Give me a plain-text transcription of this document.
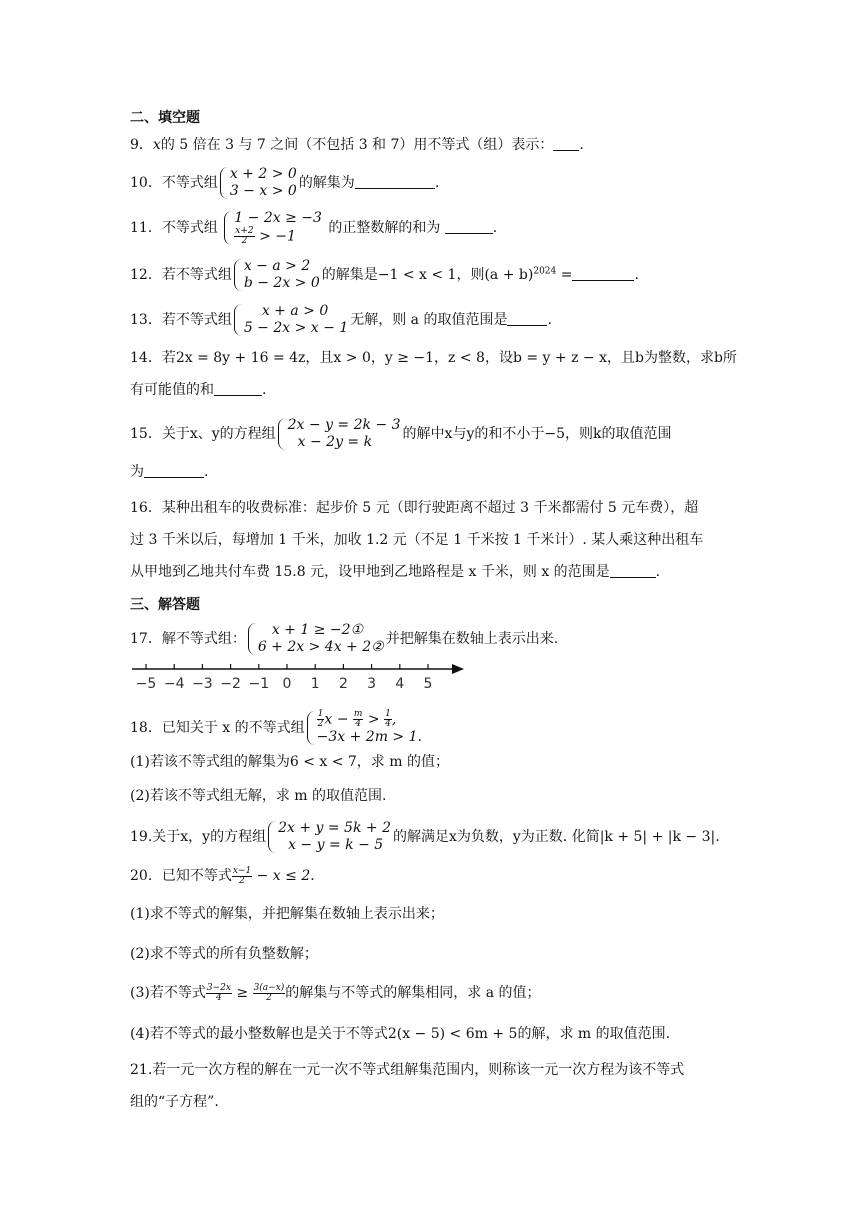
二、填空题
9．x的 5 倍在 3 与 7 之间（不包括 3 和 7）用不等式（组）表示： .
10．不等式组
x + 2 > 0
3 − x > 0 的解集为	.
11．不等式组
1 − 2x ≥ −3
$\frac{x+2}{2} > -1$
的正整数解的和为	.
12．若不等式组
x − a > 2
b − 2x > 0 的解集是−1 < x < 1，则$(a + b)^{2024}$ =	.
13．若不等式组
x + a > 0
5 − 2x > x − 1 无解，则 a 的取值范围是	.
14．若2x = 8y + 16 = 4z，且x > 0，y ≥ −1，z < 8，设b = y + z − x，且b为整数，求b所
有可能值的和	.
15．关于x、y的方程组
2x − y = 2k − 3
x − 2y = k	的解中x与y的和不小于−5，则k的取值范围
为	.
16．某种出租车的收费标准：起步价 5 元（即行驶距离不超过 3 千米都需付 5 元车费），超
过 3 千米以后，每增加 1 千米，加收 1.2 元（不足 1 千米按 1 千米计）. 某人乘这种出租车
从甲地到乙地共付车费 15.8 元，设甲地到乙地路程是 x 千米，则 x 的范围是	.
三、解答题
17．解不等式组：
x + 1 ≥ −2①
6 + 2x > 4x + 2② 并把解集在数轴上表示出来.
−5 −4 −3 −2 −1 0 1 2 3 4 5
18．已知关于 x 的不等式组 $\frac{1}{2}$ $x - \frac{m}{4} > \frac{1}{4}$ ,
−3x + 2m > 1.
(1)若该不等式组的解集为6 < x < 7，求 m 的值；
(2)若该不等式组无解，求 m 的取值范围.
19.关于x，y的方程组
2x + y = 5k + 2
x − y = k − 5 的解满足x为负数，y为正数. 化简|k + 5| + |k − 3|.
20．已知不等式 $\frac{x-1}{2} - x \le 2$.
(1)求不等式的解集，并把解集在数轴上表示出来；
(2)求不等式的所有负整数解；
(3)若不等式 $\frac{3-2x}{4} \ge \frac{3(a-x)}{2}$ 的解集与不等式的解集相同，求 a 的值；
(4)若不等式的最小整数解也是关于不等式2(x − 5) < 6m + 5的解，求 m 的取值范围.
21.若一元一次方程的解在一元一次不等式组解集范围内，则称该一元一次方程为该不等式
组的“子方程”.
